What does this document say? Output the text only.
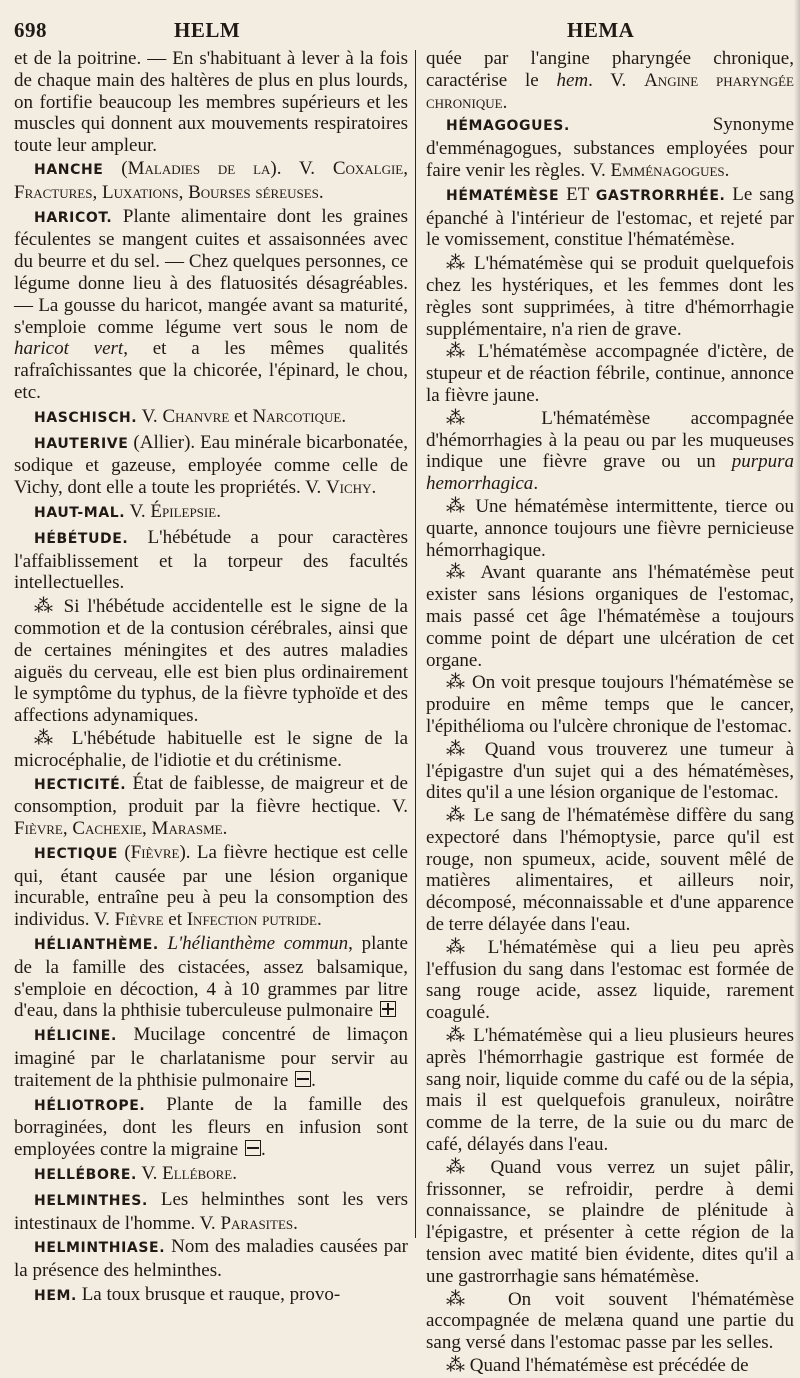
698	HELM	HEMA

et de la poitrine. — En s'habituant à lever à la fois de chaque main des haltères de plus en plus lourds, on fortifie beaucoup les membres supérieurs et les muscles qui donnent aux mouvements respiratoires toute leur ampleur.

HANCHE (Maladies de la). V. Coxalgie, Fractures, Luxations, Bourses séreuses.

HARICOT. Plante alimentaire dont les graines féculentes se mangent cuites et assaisonnées avec du beurre et du sel. — Chez quelques personnes, ce légume donne lieu à des flatuosités désagréables. — La gousse du haricot, mangée avant sa maturité, s'emploie comme légume vert sous le nom de haricot vert, et a les mêmes qualités rafraîchissantes que la chicorée, l'épinard, le chou, etc.

HASCHISCH. V. Chanvre et Narcotique.

HAUTERIVE (Allier). Eau minérale bicarbonatée, sodique et gazeuse, employée comme celle de Vichy, dont elle a toute les propriétés. V. Vichy.

HAUT-MAL. V. Épilepsie.

HÉBÉTUDE. L'hébétude a pour caractères l'affaiblissement et la torpeur des facultés intellectuelles.

⁂ Si l'hébétude accidentelle est le signe de la commotion et de la contusion cérébrales, ainsi que de certaines méningites et des autres maladies aiguës du cerveau, elle est bien plus ordinairement le symptôme du typhus, de la fièvre typhoïde et des affections adynamiques.

⁂ L'hébétude habituelle est le signe de la microcéphalie, de l'idiotie et du crétinisme.

HECTICITÉ. État de faiblesse, de maigreur et de consomption, produit par la fièvre hectique. V. Fièvre, Cachexie, Marasme.

HECTIQUE (Fièvre). La fièvre hectique est celle qui, étant causée par une lésion organique incurable, entraîne peu à peu la consomption des individus. V. Fièvre et Infection putride.

HÉLIANTHÈME. L'hélianthème commun, plante de la famille des cistacées, assez balsamique, s'emploie en décoction, 4 à 10 grammes par litre d'eau, dans la phthisie tuberculeuse pulmonaire

HÉLICINE. Mucilage concentré de limaçon imaginé par le charlatanisme pour servir au traitement de la phthisie pulmonaire .

HÉLIOTROPE. Plante de la famille des borraginées, dont les fleurs en infusion sont employées contre la migraine .

HELLÉBORE. V. Ellébore.

HELMINTHES. Les helminthes sont les vers intestinaux de l'homme. V. Parasites.

HELMINTHIASE. Nom des maladies causées par la présence des helminthes.

HEM. La toux brusque et rauque, provo-

quée par l'angine pharyngée chronique, caractérise le hem. V. Angine pharyngée chronique.

HÉMAGOGUES.	Synonyme d'emménagogues, substances employées pour faire venir les règles. V. Emménagogues.

HÉMATÉMÈSE ET GASTRORRHÉE. Le sang épanché à l'intérieur de l'estomac, et rejeté par le vomissement, constitue l'hématémèse.

⁂ L'hématémèse qui se produit quelquefois chez les hystériques, et les femmes dont les règles sont supprimées, à titre d'hémorrhagie supplémentaire, n'a rien de grave.

⁂ L'hématémèse accompagnée d'ictère, de stupeur et de réaction fébrile, continue, annonce la fièvre jaune.

⁂ L'hématémèse accompagnée d'hémorrhagies à la peau ou par les muqueuses indique une fièvre grave ou un purpura hemorrhagica.

⁂ Une hématémèse intermittente, tierce ou quarte, annonce toujours une fièvre pernicieuse hémorrhagique.

⁂ Avant quarante ans l'hématémèse peut exister sans lésions organiques de l'estomac, mais passé cet âge l'hématémèse a toujours comme point de départ une ulcération de cet organe.

⁂ On voit presque toujours l'hématémèse se produire en même temps que le cancer, l'épithélioma ou l'ulcère chronique de l'estomac.

⁂ Quand vous trouverez une tumeur à l'épigastre d'un sujet qui a des hématémèses, dites qu'il a une lésion organique de l'estomac.

⁂ Le sang de l'hématémèse diffère du sang expectoré dans l'hémoptysie, parce qu'il est rouge, non spumeux, acide, souvent mêlé de matières alimentaires, et ailleurs noir, décomposé, méconnaissable et d'une apparence de terre délayée dans l'eau.

⁂ L'hématémèse qui a lieu peu après l'effusion du sang dans l'estomac est formée de sang rouge acide, assez liquide, rarement coagulé.

⁂ L'hématémèse qui a lieu plusieurs heures après l'hémorrhagie gastrique est formée de sang noir, liquide comme du café ou de la sépia, mais il est quelquefois granuleux, noirâtre comme de la terre, de la suie ou du marc de café, délayés dans l'eau.

⁂ Quand vous verrez un sujet pâlir, frissonner, se refroidir, perdre à demi connaissance, se plaindre de plénitude à l'épigastre, et présenter à cette région de la tension avec matité bien évidente, dites qu'il a une gastrorrhagie sans hématémèse.

⁂ On voit souvent l'hématémèse accompagnée de melæna quand une partie du sang versé dans l'estomac passe par les selles.

⁂ Quand l'hématémèse est précédée de
